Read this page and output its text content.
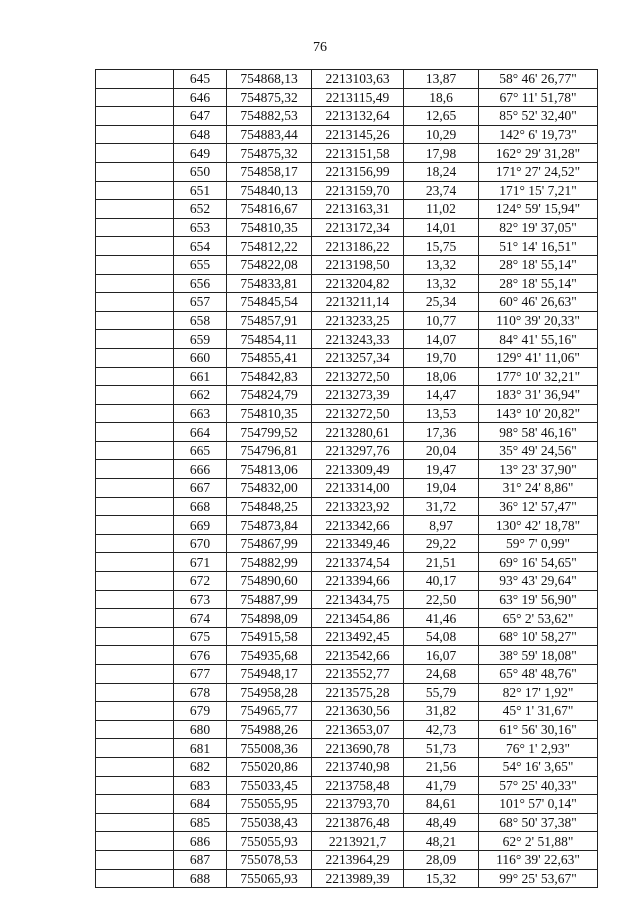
76
	645	754868,13	2213103,63	13,87	58° 46' 26,77"
	646	754875,32	2213115,49	18,6	67° 11' 51,78"
	647	754882,53	2213132,64	12,65	85° 52' 32,40"
	648	754883,44	2213145,26	10,29	142° 6' 19,73"
	649	754875,32	2213151,58	17,98	162° 29' 31,28"
	650	754858,17	2213156,99	18,24	171° 27' 24,52"
	651	754840,13	2213159,70	23,74	171° 15' 7,21"
	652	754816,67	2213163,31	11,02	124° 59' 15,94"
	653	754810,35	2213172,34	14,01	82° 19' 37,05"
	654	754812,22	2213186,22	15,75	51° 14' 16,51"
	655	754822,08	2213198,50	13,32	28° 18' 55,14"
	656	754833,81	2213204,82	13,32	28° 18' 55,14"
	657	754845,54	2213211,14	25,34	60° 46' 26,63"
	658	754857,91	2213233,25	10,77	110° 39' 20,33"
	659	754854,11	2213243,33	14,07	84° 41' 55,16"
	660	754855,41	2213257,34	19,70	129° 41' 11,06"
	661	754842,83	2213272,50	18,06	177° 10' 32,21"
	662	754824,79	2213273,39	14,47	183° 31' 36,94"
	663	754810,35	2213272,50	13,53	143° 10' 20,82"
	664	754799,52	2213280,61	17,36	98° 58' 46,16"
	665	754796,81	2213297,76	20,04	35° 49' 24,56"
	666	754813,06	2213309,49	19,47	13° 23' 37,90"
	667	754832,00	2213314,00	19,04	31° 24' 8,86"
	668	754848,25	2213323,92	31,72	36° 12' 57,47"
	669	754873,84	2213342,66	8,97	130° 42' 18,78"
	670	754867,99	2213349,46	29,22	59° 7' 0,99"
	671	754882,99	2213374,54	21,51	69° 16' 54,65"
	672	754890,60	2213394,66	40,17	93° 43' 29,64"
	673	754887,99	2213434,75	22,50	63° 19' 56,90"
	674	754898,09	2213454,86	41,46	65° 2' 53,62"
	675	754915,58	2213492,45	54,08	68° 10' 58,27"
	676	754935,68	2213542,66	16,07	38° 59' 18,08"
	677	754948,17	2213552,77	24,68	65° 48' 48,76"
	678	754958,28	2213575,28	55,79	82° 17' 1,92"
	679	754965,77	2213630,56	31,82	45° 1' 31,67"
	680	754988,26	2213653,07	42,73	61° 56' 30,16"
	681	755008,36	2213690,78	51,73	76° 1' 2,93"
	682	755020,86	2213740,98	21,56	54° 16' 3,65"
	683	755033,45	2213758,48	41,79	57° 25' 40,33"
	684	755055,95	2213793,70	84,61	101° 57' 0,14"
	685	755038,43	2213876,48	48,49	68° 50' 37,38"
	686	755055,93	2213921,7	48,21	62° 2' 51,88"
	687	755078,53	2213964,29	28,09	116° 39' 22,63"
	688	755065,93	2213989,39	15,32	99° 25' 53,67"
